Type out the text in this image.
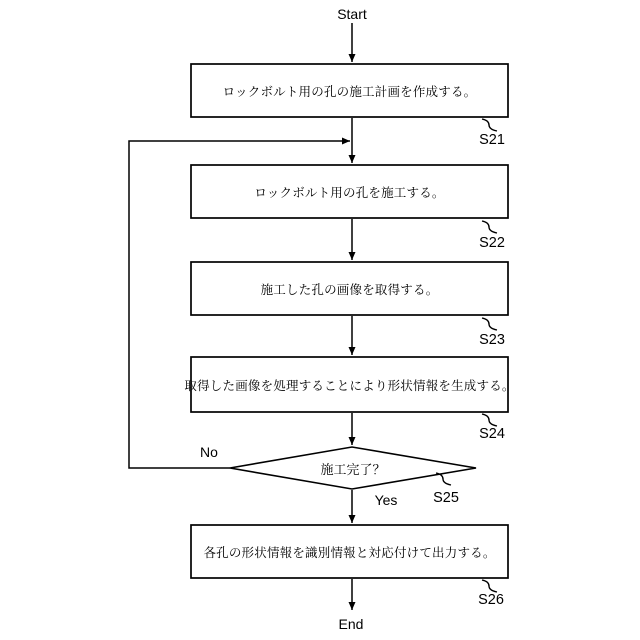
Start
End
ロックボルト用の孔の施工計画を作成する。
ロックボルト用の孔を施工する。
施工した孔の画像を取得する。
取得した画像を処理することにより形状情報を生成する。
各孔の形状情報を識別情報と対応付けて出力する。
施工完了？
No
Yes
S21
S22
S23
S24
S25
S26
